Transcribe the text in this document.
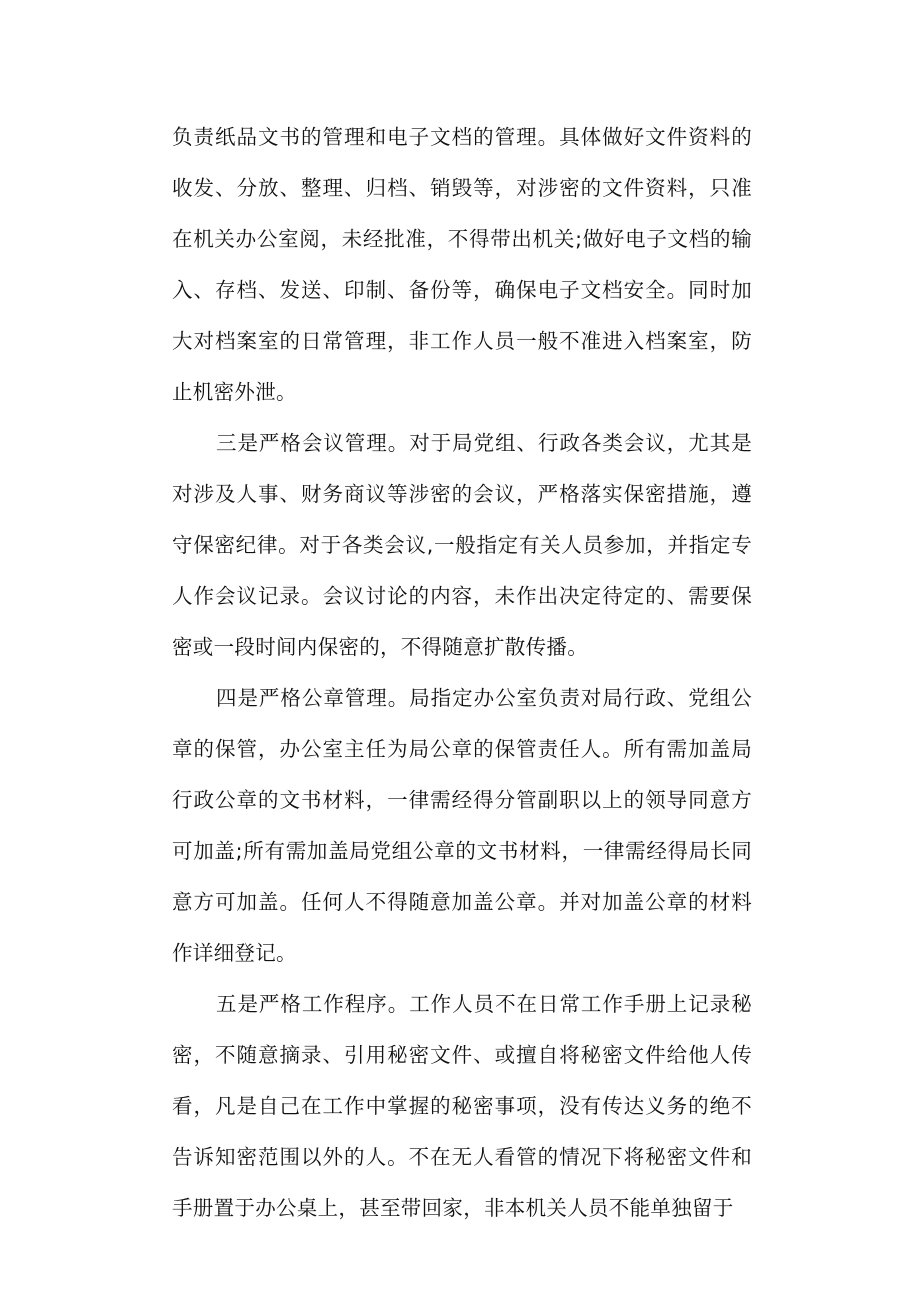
负责纸品文书的管理和电子文档的管理。具体做好文件资料的收发、分放、整理、归档、销毁等，对涉密的文件资料，只准在机关办公室阅，未经批准，不得带出机关;做好电子文档的输入、存档、发送、印制、备份等，确保电子文档安全。同时加大对档案室的日常管理，非工作人员一般不准进入档案室，防止机密外泄。

三是严格会议管理。对于局党组、行政各类会议，尤其是对涉及人事、财务商议等涉密的会议，严格落实保密措施，遵守保密纪律。对于各类会议,一般指定有关人员参加，并指定专人作会议记录。会议讨论的内容，未作出决定待定的、需要保密或一段时间内保密的，不得随意扩散传播。

四是严格公章管理。局指定办公室负责对局行政、党组公章的保管，办公室主任为局公章的保管责任人。所有需加盖局行政公章的文书材料，一律需经得分管副职以上的领导同意方可加盖;所有需加盖局党组公章的文书材料，一律需经得局长同意方可加盖。任何人不得随意加盖公章。并对加盖公章的材料作详细登记。

五是严格工作程序。工作人员不在日常工作手册上记录秘密，不随意摘录、引用秘密文件、或擅自将秘密文件给他人传看，凡是自己在工作中掌握的秘密事项，没有传达义务的绝不告诉知密范围以外的人。不在无人看管的情况下将秘密文件和手册置于办公桌上，甚至带回家，非本机关人员不能单独留于
